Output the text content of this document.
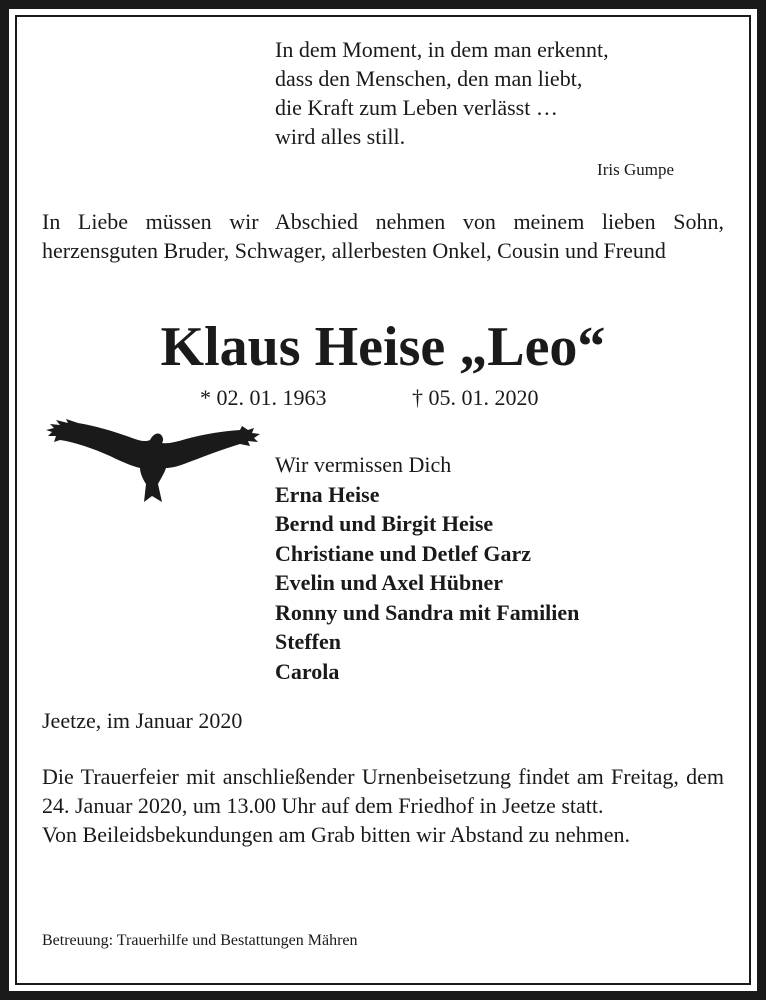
In dem Moment, in dem man erkennt,
dass den Menschen, den man liebt,
die Kraft zum Leben verlässt …
wird alles still.
Iris Gumpe
In Liebe müssen wir Abschied nehmen von meinem lieben Sohn, herzensguten Bruder, Schwager, allerbesten Onkel, Cousin und Freund
Klaus Heise „Leo“
* 02. 01. 1963	† 05. 01. 2020
Wir vermissen Dich
Erna Heise
Bernd und Birgit Heise
Christiane und Detlef Garz
Evelin und Axel Hübner
Ronny und Sandra mit Familien
Steffen
Carola
Jeetze, im Januar 2020

Die Trauerfeier mit anschließender Urnenbeisetzung findet am Freitag, dem 24. Januar 2020, um 13.00 Uhr auf dem Friedhof in Jeetze statt.

Von Beileidsbekundungen am Grab bitten wir Abstand zu nehmen.

Betreuung: Trauerhilfe und Bestattungen Mähren
